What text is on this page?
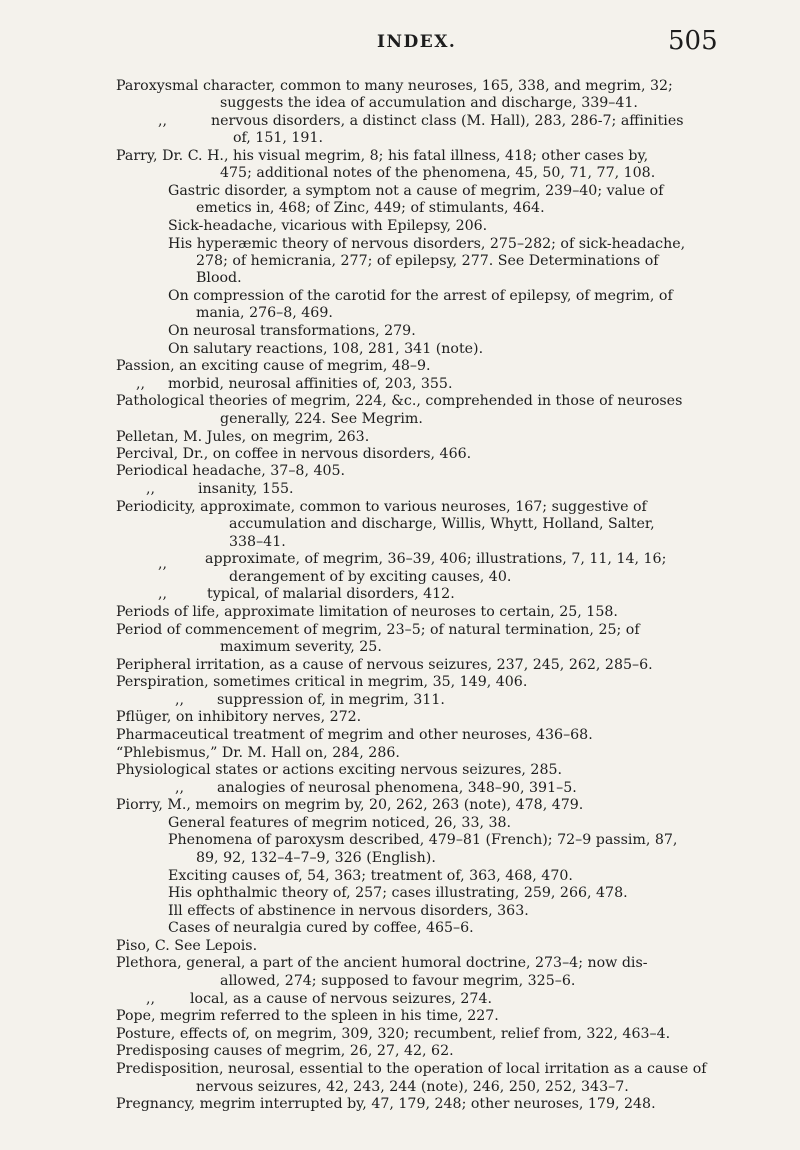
INDEX.	505
Paroxysmal character, common to many neuroses, 165, 338, and megrim, 32;
suggests the idea of accumulation and discharge, 339–41.
,,	nervous disorders, a distinct class (M. Hall), 283, 286-7; affinities
of, 151, 191.
Parry, Dr. C. H., his visual megrim, 8; his fatal illness, 418; other cases by,
475; additional notes of the phenomena, 45, 50, 71, 77, 108.
Gastric disorder, a symptom not a cause of megrim, 239–40; value of
emetics in, 468; of Zinc, 449; of stimulants, 464.
Sick-headache, vicarious with Epilepsy, 206.
His hyperæmic theory of nervous disorders, 275–282; of sick-headache,
278; of hemicrania, 277; of epilepsy, 277. See Determinations of
Blood.
On compression of the carotid for the arrest of epilepsy, of megrim, of
mania, 276–8, 469.
On neurosal transformations, 279.
On salutary reactions, 108, 281, 341 (note).
Passion, an exciting cause of megrim, 48–9.
,, morbid, neurosal affinities of, 203, 355.
Pathological theories of megrim, 224, &c., comprehended in those of neuroses
generally, 224. See Megrim.
Pelletan, M. Jules, on megrim, 263.
Percival, Dr., on coffee in nervous disorders, 466.
Periodical headache, 37–8, 405.
,,	insanity, 155.
Periodicity, approximate, common to various neuroses, 167; suggestive of
accumulation and discharge, Willis, Whytt, Holland, Salter,
338–41.
,,	approximate, of megrim, 36–39, 406; illustrations, 7, 11, 14, 16;
derangement of by exciting causes, 40.
,,	typical, of malarial disorders, 412.
Periods of life, approximate limitation of neuroses to certain, 25, 158.
Period of commencement of megrim, 23–5; of natural termination, 25; of
maximum severity, 25.
Peripheral irritation, as a cause of nervous seizures, 237, 245, 262, 285–6.
Perspiration, sometimes critical in megrim, 35, 149, 406.
,, suppression of, in megrim, 311.
Pflüger, on inhibitory nerves, 272.
Pharmaceutical treatment of megrim and other neuroses, 436–68.
“Phlebismus,” Dr. M. Hall on, 284, 286.
Physiological states or actions exciting nervous seizures, 285.
,, analogies of neurosal phenomena, 348–90, 391–5.
Piorry, M., memoirs on megrim by, 20, 262, 263 (note), 478, 479.
General features of megrim noticed, 26, 33, 38.
Phenomena of paroxysm described, 479–81 (French); 72–9 passim, 87,
89, 92, 132–4–7–9, 326 (English).
Exciting causes of, 54, 363; treatment of, 363, 468, 470.
His ophthalmic theory of, 257; cases illustrating, 259, 266, 478.
Ill effects of abstinence in nervous disorders, 363.
Cases of neuralgia cured by coffee, 465–6.
Piso, C. See Lepois.
Plethora, general, a part of the ancient humoral doctrine, 273–4; now dis-
allowed, 274; supposed to favour megrim, 325–6.
,, local, as a cause of nervous seizures, 274.
Pope, megrim referred to the spleen in his time, 227.
Posture, effects of, on megrim, 309, 320; recumbent, relief from, 322, 463–4.
Predisposing causes of megrim, 26, 27, 42, 62.
Predisposition, neurosal, essential to the operation of local irritation as a cause of
nervous seizures, 42, 243, 244 (note), 246, 250, 252, 343–7.
Pregnancy, megrim interrupted by, 47, 179, 248; other neuroses, 179, 248.
